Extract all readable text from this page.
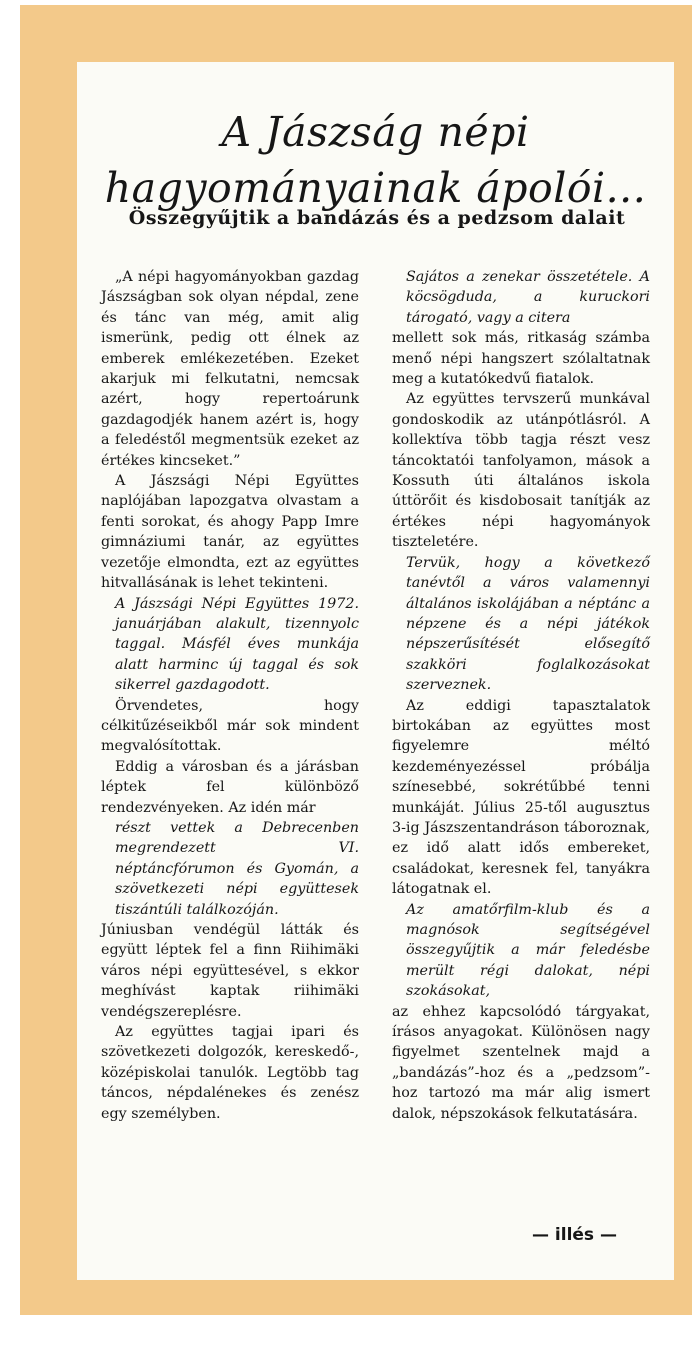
A Jászság népi
hagyományainak ápolói...
Összegyűjtik a bandázás és a pedzsom dalait

„A népi hagyományokban gazdag Jászságban sok olyan népdal, zene és tánc van még, amit alig ismerünk, pedig ott élnek az emberek emlékezetében. Ezeket akarjuk mi felkutatni, nemcsak azért, hogy repertoárunk gazdagodjék hanem azért is, hogy a feledéstől megmentsük ezeket az értékes kincseket.”

A Jászsági Népi Együttes naplójában lapozgatva olvastam a fenti sorokat, és ahogy Papp Imre gimnáziumi tanár, az együttes vezetője elmondta, ezt az együttes hitvallásának is lehet tekinteni.

A Jászsági Népi Együttes 1972. januárjában alakult, tizennyolc taggal. Másfél éves munkája alatt harminc új taggal és sok sikerrel gazdagodott.

Örvendetes, hogy célkitűzéseikből már sok mindent megvalósítottak.

Eddig a városban és a járásban léptek fel különböző rendezvényeken. Az idén már

részt vettek a Debrecenben megrendezett VI. néptáncfórumon és Gyomán, a szövetkezeti népi együttesek tiszántúli találkozóján.

Júniusban vendégül látták és együtt léptek fel a finn Riihimäki város népi együttesével, s ekkor meghívást kaptak riihimäki vendégszereplésre.

Az együttes tagjai ipari és szövetkezeti dolgozók, kereskedő-, középiskolai tanulók. Legtöbb tag táncos, népdalénekes és zenész egy személyben.

Sajátos a zenekar összetétele. A köcsögduda, a kuruckori tárogató, vagy a citera

mellett sok más, ritkaság számba menő népi hangszert szólaltatnak meg a kutatókedvű fiatalok.

Az együttes tervszerű munkával gondoskodik az utánpótlásról. A kollektíva több tagja részt vesz táncoktatói tanfolyamon, mások a Kossuth úti általános iskola úttörőit és kisdobosait tanítják az értékes népi hagyományok tiszteletére.

Tervük, hogy a következő tanévtől a város valamennyi általános iskolájában a néptánc a népzene és a népi játékok népszerűsítését elősegítő szakköri foglalkozásokat szerveznek.

Az eddigi tapasztalatok birtokában az együttes most figyelemre méltó kezdeményezéssel próbálja színesebbé, sokrétűbbé tenni munkáját. Július 25-től augusztus 3-ig Jászszentandráson táboroznak, ez idő alatt idős embereket, családokat, keresnek fel, tanyákra látogatnak el.

Az amatőrfilm-klub és a magnósok segítségével összegyűjtik a már feledésbe merült régi dalokat, népi szokásokat,

az ehhez kapcsolódó tárgyakat, írásos anyagokat. Különösen nagy figyelmet szentelnek majd a „bandázás”-hoz és a „pedzsom”-hoz tartozó ma már alig ismert dalok, népszokások felkutatására.

— illés —
